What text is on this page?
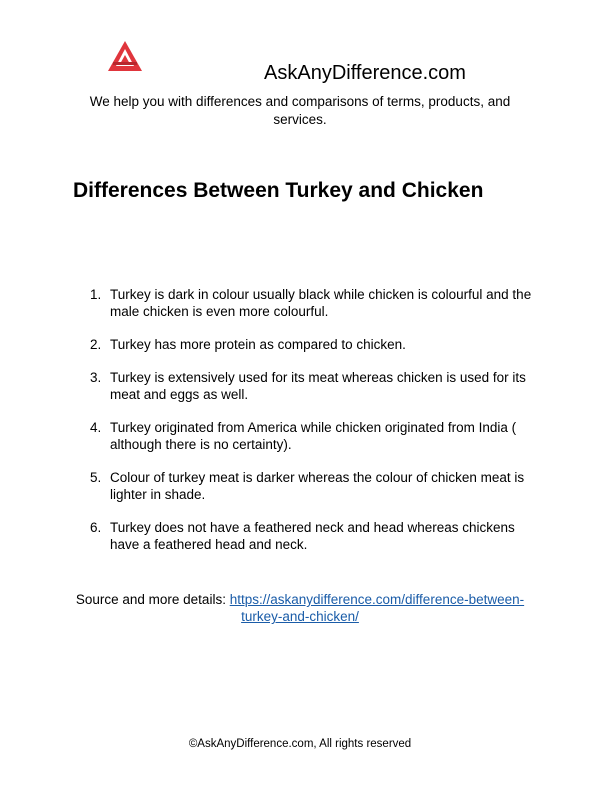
AskAnyDifference.com
We help you with differences and comparisons of terms, products, and services.
Differences Between Turkey and Chicken
1. Turkey is dark in colour usually black while chicken is colourful and the male chicken is even more colourful.
2. Turkey has more protein as compared to chicken.
3. Turkey is extensively used for its meat whereas chicken is used for its meat and eggs as well.
4. Turkey originated from America while chicken originated from India ( although there is no certainty).
5. Colour of turkey meat is darker whereas the colour of chicken meat is lighter in shade.
6. Turkey does not have a feathered neck and head whereas chickens have a feathered head and neck.
Source and more details: https://askanydifference.com/difference-between-turkey-and-chicken/
©AskAnyDifference.com, All rights reserved
